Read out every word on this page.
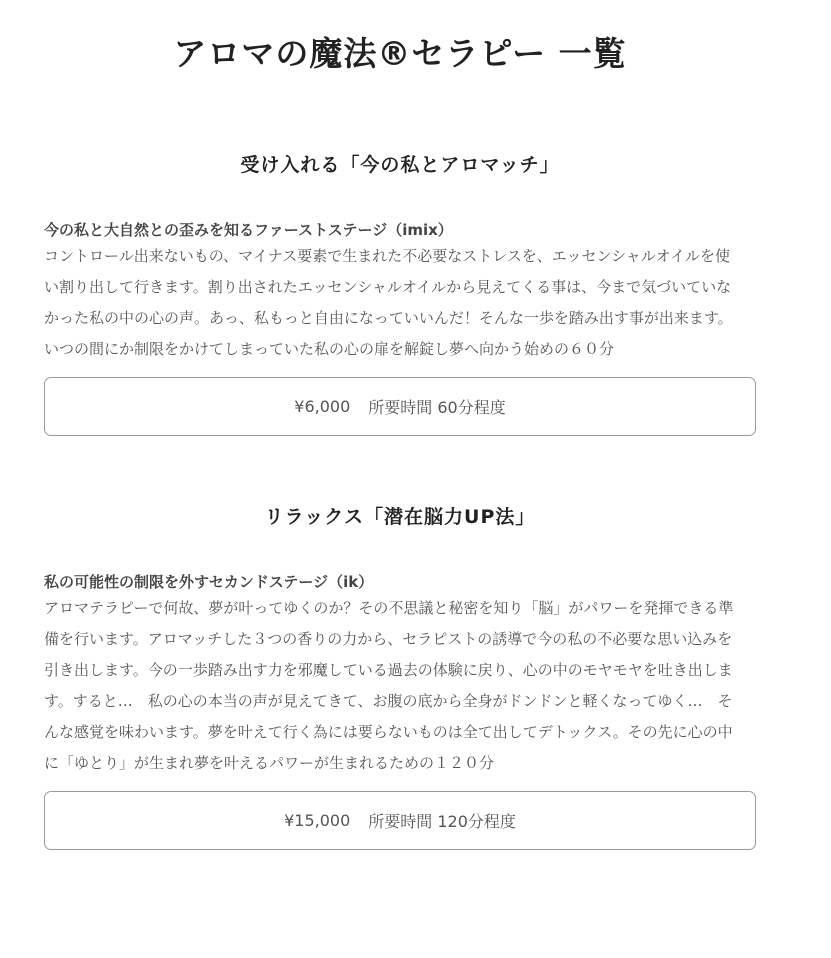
アロマの魔法®セラピー 一覧
受け入れる「今の私とアロマッチ」
今の私と大自然との歪みを知るファーストステージ（imix）

コントロール出来ないもの、マイナス要素で生まれた不必要なストレスを、エッセンシャルオイルを使
い割り出して行きます。割り出されたエッセンシャルオイルから見えてくる事は、今まで気づいていな
かった私の中の心の声。あっ、私もっと自由になっていいんだ！そんな一歩を踏み出す事が出来ます。
いつの間にか制限をかけてしまっていた私の心の扉を解錠し夢へ向かう始めの６０分

¥6,000 所要時間 60分程度
リラックス「潜在脳力UP法」
私の可能性の制限を外すセカンドステージ（ik）

アロマテラピーで何故、夢が叶ってゆくのか？その不思議と秘密を知り「脳」がパワーを発揮できる準
備を行います。アロマッチした３つの香りの力から、セラピストの誘導で今の私の不必要な思い込みを
引き出します。今の一歩踏み出す力を邪魔している過去の体験に戻り、心の中のモヤモヤを吐き出しま
す。すると…　私の心の本当の声が見えてきて、お腹の底から全身がドンドンと軽くなってゆく…　そ
んな感覚を味わいます。夢を叶えて行く為には要らないものは全て出してデトックス。その先に心の中
に「ゆとり」が生まれ夢を叶えるパワーが生まれるための１２０分

¥15,000 所要時間 120分程度
